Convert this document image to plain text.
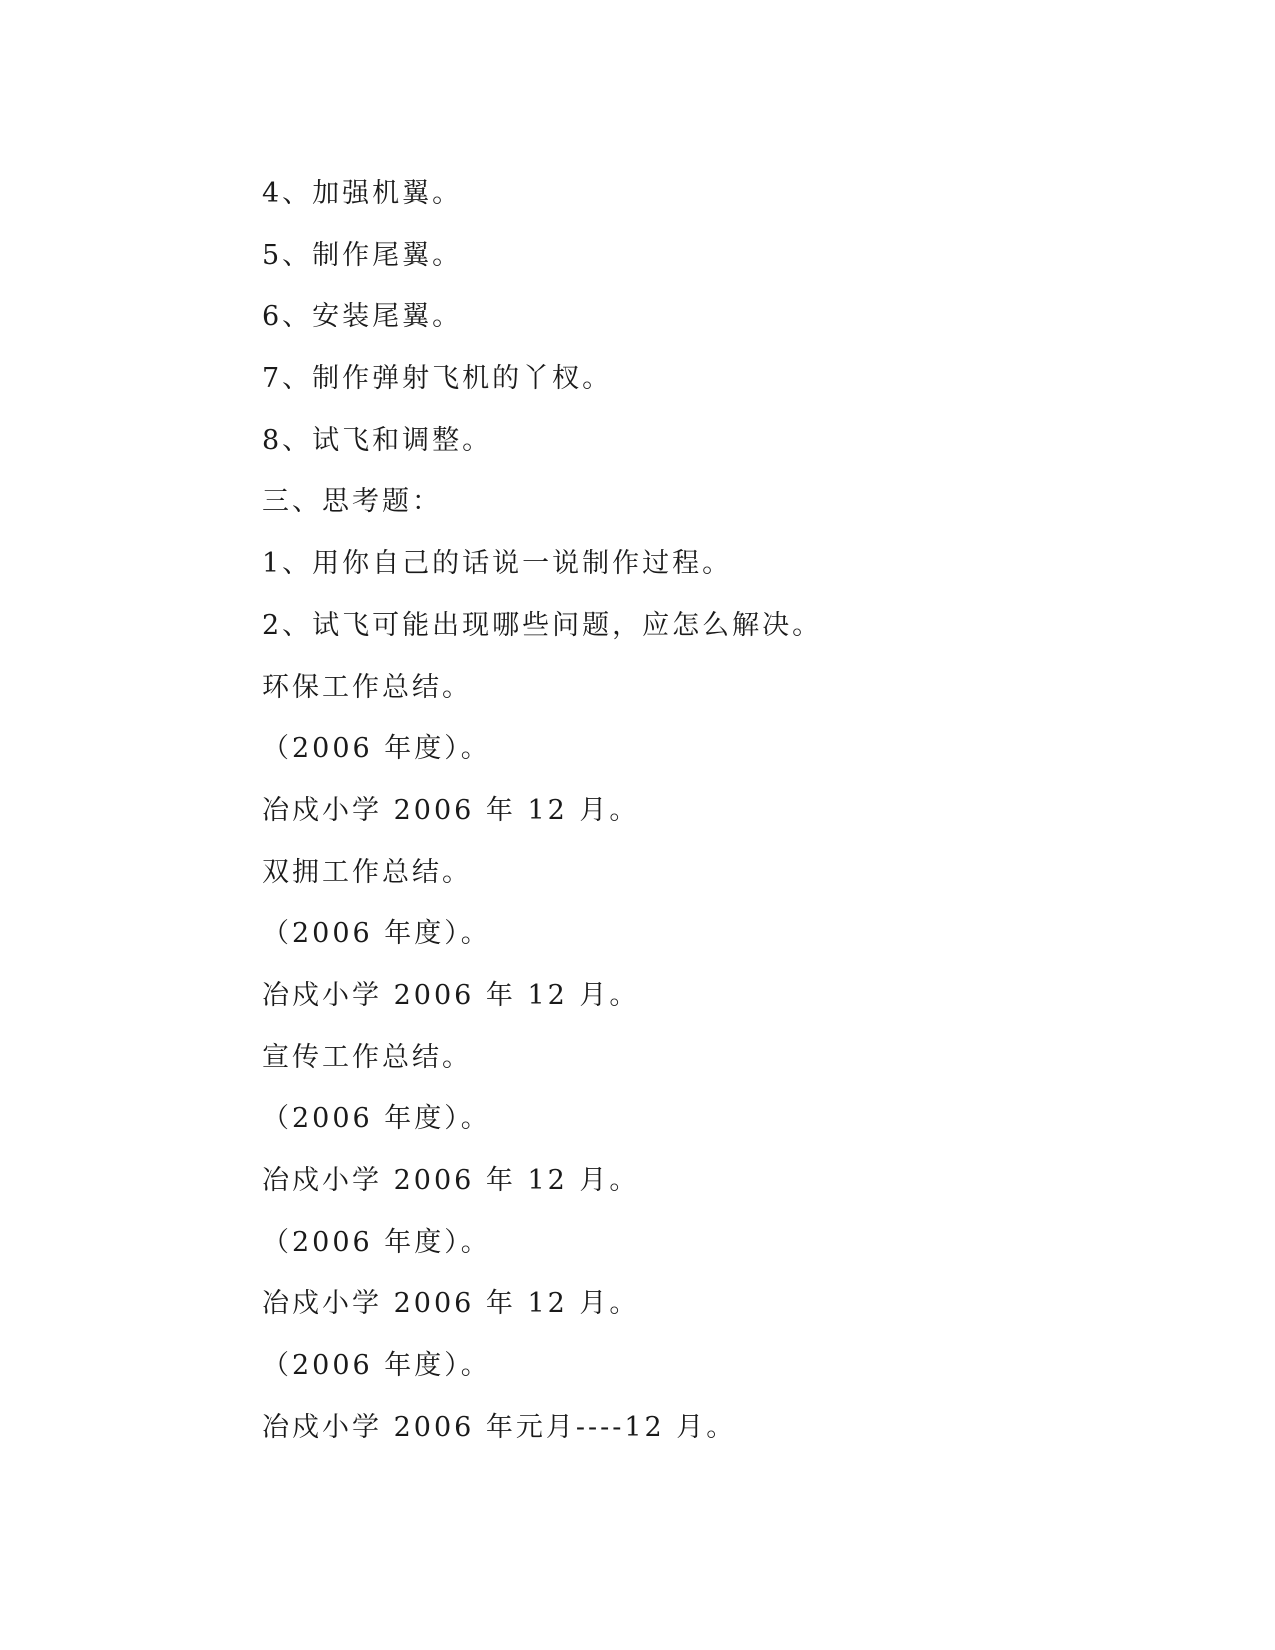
4、加强机翼。
5、制作尾翼。
6、安装尾翼。
7、制作弹射飞机的丫杈。
8、试飞和调整。
三、思考题：
1、用你自己的话说一说制作过程。
2、试飞可能出现哪些问题，应怎么解决。
环保工作总结。
（2006 年度）。
冶戍小学 2006 年 12 月。
双拥工作总结。
（2006 年度）。
冶戍小学 2006 年 12 月。
宣传工作总结。
（2006 年度）。
冶戍小学 2006 年 12 月。
（2006 年度）。
冶戍小学 2006 年 12 月。
（2006 年度）。
冶戍小学 2006 年元月----12 月。
